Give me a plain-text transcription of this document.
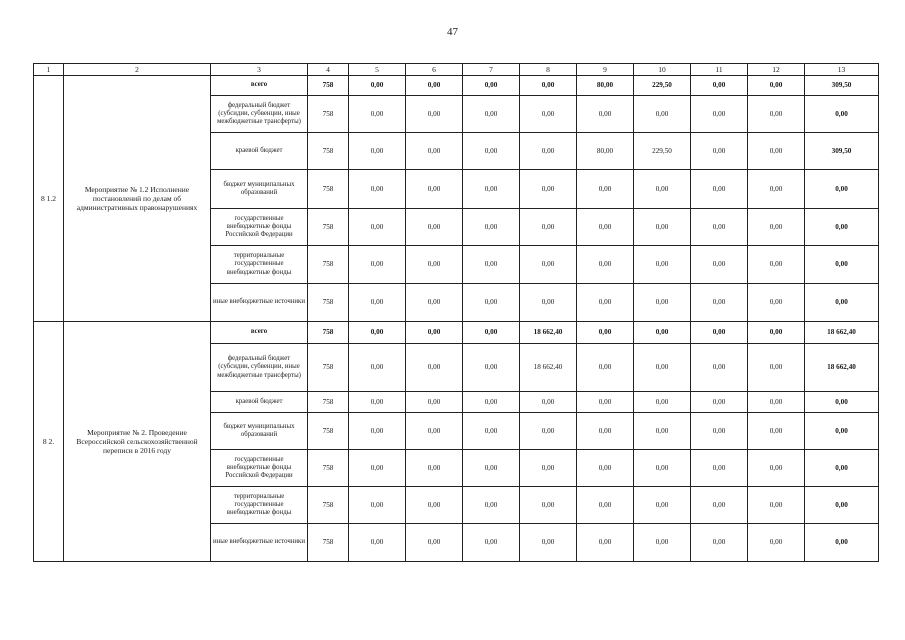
47
1	2	3	4	5	6	7	8	9	10	11	12	13
8 1.2	Мероприятие № 1.2 Исполнение постановлений по делам об административных правонарушениях	всего	758	0,00	0,00	0,00	0,00	80,00	229,50	0,00	0,00	309,50
		федеральный бюджет (субсидии, субвенции, иные межбюджетные трансферты)	758	0,00	0,00	0,00	0,00	0,00	0,00	0,00	0,00	0,00
		краевой бюджет	758	0,00	0,00	0,00	0,00	80,00	229,50	0,00	0,00	309,50
		бюджет муниципальных образований	758	0,00	0,00	0,00	0,00	0,00	0,00	0,00	0,00	0,00
		государственные внебюджетные фонды Российской Федерации	758	0,00	0,00	0,00	0,00	0,00	0,00	0,00	0,00	0,00
		территориальные государственные внебюджетные фонды	758	0,00	0,00	0,00	0,00	0,00	0,00	0,00	0,00	0,00
		иные внебюджетные источники	758	0,00	0,00	0,00	0,00	0,00	0,00	0,00	0,00	0,00
8 2.	Мероприятие № 2. Проведение Всероссийской сельскохозяйственной переписи в 2016 году	всего	758	0,00	0,00	0,00	18 662,40	0,00	0,00	0,00	0,00	18 662,40
		федеральный бюджет (субсидии, субвенции, иные межбюджетные трансферты)	758	0,00	0,00	0,00	18 662,40	0,00	0,00	0,00	0,00	18 662,40
		краевой бюджет	758	0,00	0,00	0,00	0,00	0,00	0,00	0,00	0,00	0,00
		бюджет муниципальных образований	758	0,00	0,00	0,00	0,00	0,00	0,00	0,00	0,00	0,00
		государственные внебюджетные фонды Российской Федерации	758	0,00	0,00	0,00	0,00	0,00	0,00	0,00	0,00	0,00
		территориальные государственные внебюджетные фонды	758	0,00	0,00	0,00	0,00	0,00	0,00	0,00	0,00	0,00
		иные внебюджетные источники	758	0,00	0,00	0,00	0,00	0,00	0,00	0,00	0,00	0,00
